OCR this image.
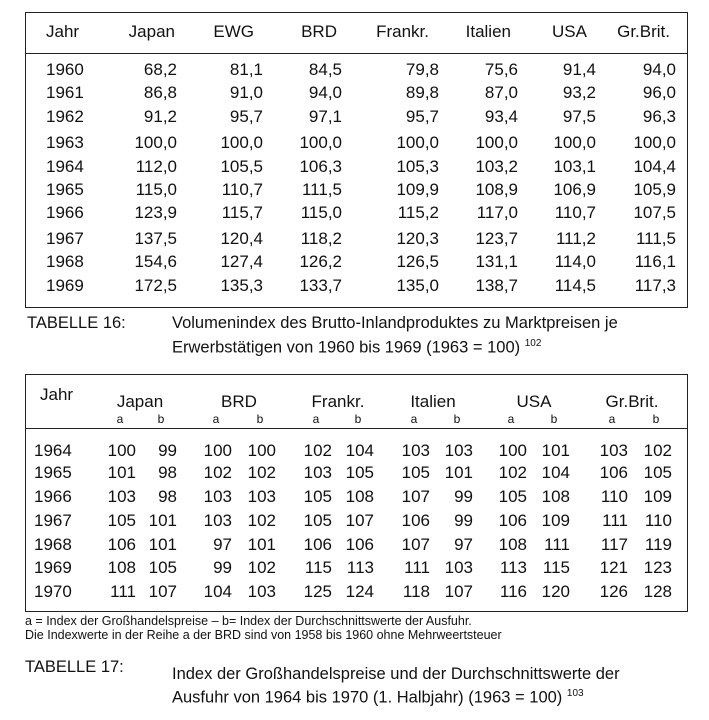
Jahr	Japan EWG	BRD Frankr. Italien USA Gr.Brit.
1960	68,2	81,1	84,5	79,8	75,6	91,4	94,0
1961	86,8	91,0	94,0	89,8	87,0	93,2	96,0
1962	91,2	95,7	97,1	95,7	93,4	97,5	96,3
1963	100,0	100,0 100,0	100,0 100,0 100,0 100,0
1964	112,0	105,5 106,3	105,3 103,2 103,1 104,4
1965	115,0	110,7 111,5	109,9 108,9 106,9 105,9
1966	123,9	115,7 115,0	115,2 117,0 110,7 107,5
1967	137,5	120,4 118,2	120,3 123,7 111,2 111,5
1968	154,6	127,4 126,2	126,5 131,1 114,0 116,1
1969	172,5	135,3 133,7	135,0 138,7 114,5 117,3
TABELLE 16:	Volumenindex des Brutto-Inlandproduktes zu Marktpreisen je
Erwerbstätigen von 1960 bis 1969 (1963 = 100) $^{102}$
Jahr	Japan
a	b
BRD
a	b
Frankr.
a	b
Italien
a	b
USA
a	b
Gr.Brit.
a	b
1964	100	99	100 100	102 104	103 103	100 101	103 102
1965	101	98	102 102	103 105	105 101	102 104	106 105
1966	103	98	103 103	105 108	107	99	105 108	110 109
1967	105 101	103 102	105 107	106	99	106 109	111 110
1968	106 101	97 101	106 106	107	97	108	111	117 119
1969	108 105	99 102	115 113	111 103	113 115	121 123
1970	111 107	104 103	125 124	118 107	116 120	126 128
a = Index der Großhandelspreise – b= Index der Durchschnittswerte der Ausfuhr.
Die Indexwerte in der Reihe a der BRD sind von 1958 bis 1960 ohne Mehrweertsteuer
TABELLE 17:	Index der Großhandelspreise und der Durchschnittswerte der
Ausfuhr von 1964 bis 1970 (1. Halbjahr) (1963 = 100) $^{103}$
